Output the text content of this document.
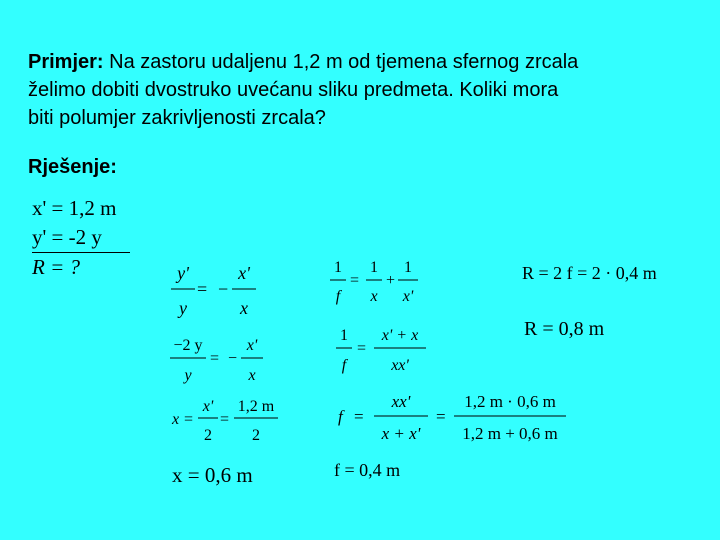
Primjer: Na zastoru udaljenu 1,2 m od tjemena sfernog zrcala
želimo dobiti dvostruko uvećanu sliku predmeta. Koliki mora
biti polumjer zakrivljenosti zrcala?
Rješenje:
x' = 1,2 m
y' = -2 y
R = ?	y'
y
= −
x'
x
−2 y
y
= −
x'
x
x =
x'
2
=
1,2 m
2
x = 0,6 m
1
f
=
1
x
+
1
x'
1
f
=
x' + x
xx'
f =
xx'
x + x'
=
1,2 m · 0,6 m
1,2 m + 0,6 m
f = 0,4 m
R = 2 f = 2 · 0,4 m
R = 0,8 m
